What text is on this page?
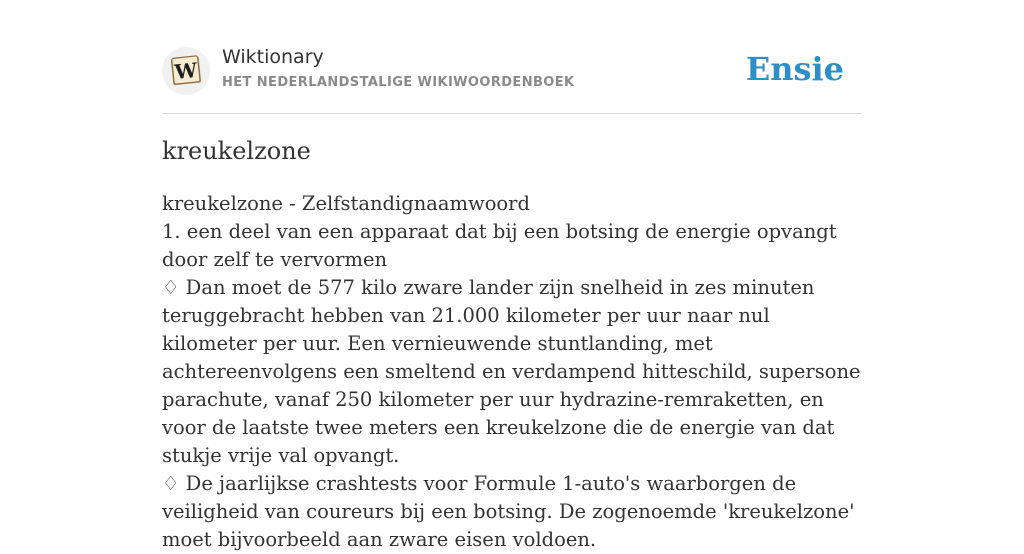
W
Wiktionary
HET NEDERLANDSTALIGE WIKIWOORDENBOEK	Ensie
kreukelzone

kreukelzone - Zelfstandignaamwoord

1. een deel van een apparaat dat bij een botsing de energie opvangt door zelf te vervormen

♢ Dan moet de 577 kilo zware lander zijn snelheid in zes minuten teruggebracht hebben van 21.000 kilometer per uur naar nul kilometer per uur. Een vernieuwende stuntlanding, met achtereenvolgens een smeltend en verdampend hitteschild, supersone parachute, vanaf 250 kilometer per uur hydrazine-remraketten, en voor de laatste twee meters een kreukelzone die de energie van dat stukje vrije val opvangt.

♢ De jaarlijkse crashtests voor Formule 1-auto's waarborgen de veiligheid van coureurs bij een botsing. De zogenoemde 'kreukelzone' moet bijvoorbeeld aan zware eisen voldoen.
